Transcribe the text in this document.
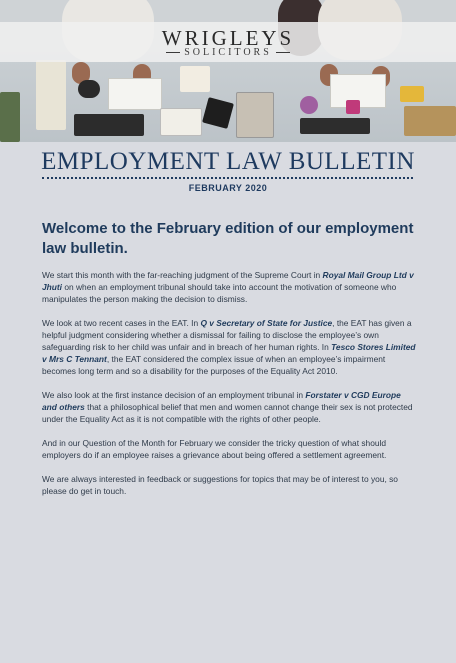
WRIGLEYS
SOLICITORS
EMPLOYMENT LAW BULLETIN
FEBRUARY 2020
Welcome to the February edition of our employment law bulletin.

We start this month with the far-reaching judgment of the Supreme Court in Royal Mail Group Ltd v Jhuti on when an employment tribunal should take into account the motivation of someone who manipulates the person making the decision to dismiss.

We look at two recent cases in the EAT. In Q v Secretary of State for Justice, the EAT has given a helpful judgment considering whether a dismissal for failing to disclose the employee’s own safeguarding risk to her child was unfair and in breach of her human rights. In Tesco Stores Limited v Mrs C Tennant, the EAT considered the complex issue of when an employee’s impairment becomes long term and so a disability for the purposes of the Equality Act 2010.

We also look at the first instance decision of an employment tribunal in Forstater v CGD Europe and others that a philosophical belief that men and women cannot change their sex is not protected under the Equality Act as it is not compatible with the rights of other people.

And in our Question of the Month for February we consider the tricky question of what should employers do if an employee raises a grievance about being offered a settlement agreement.

We are always interested in feedback or suggestions for topics that may be of interest to you, so please do get in touch.
